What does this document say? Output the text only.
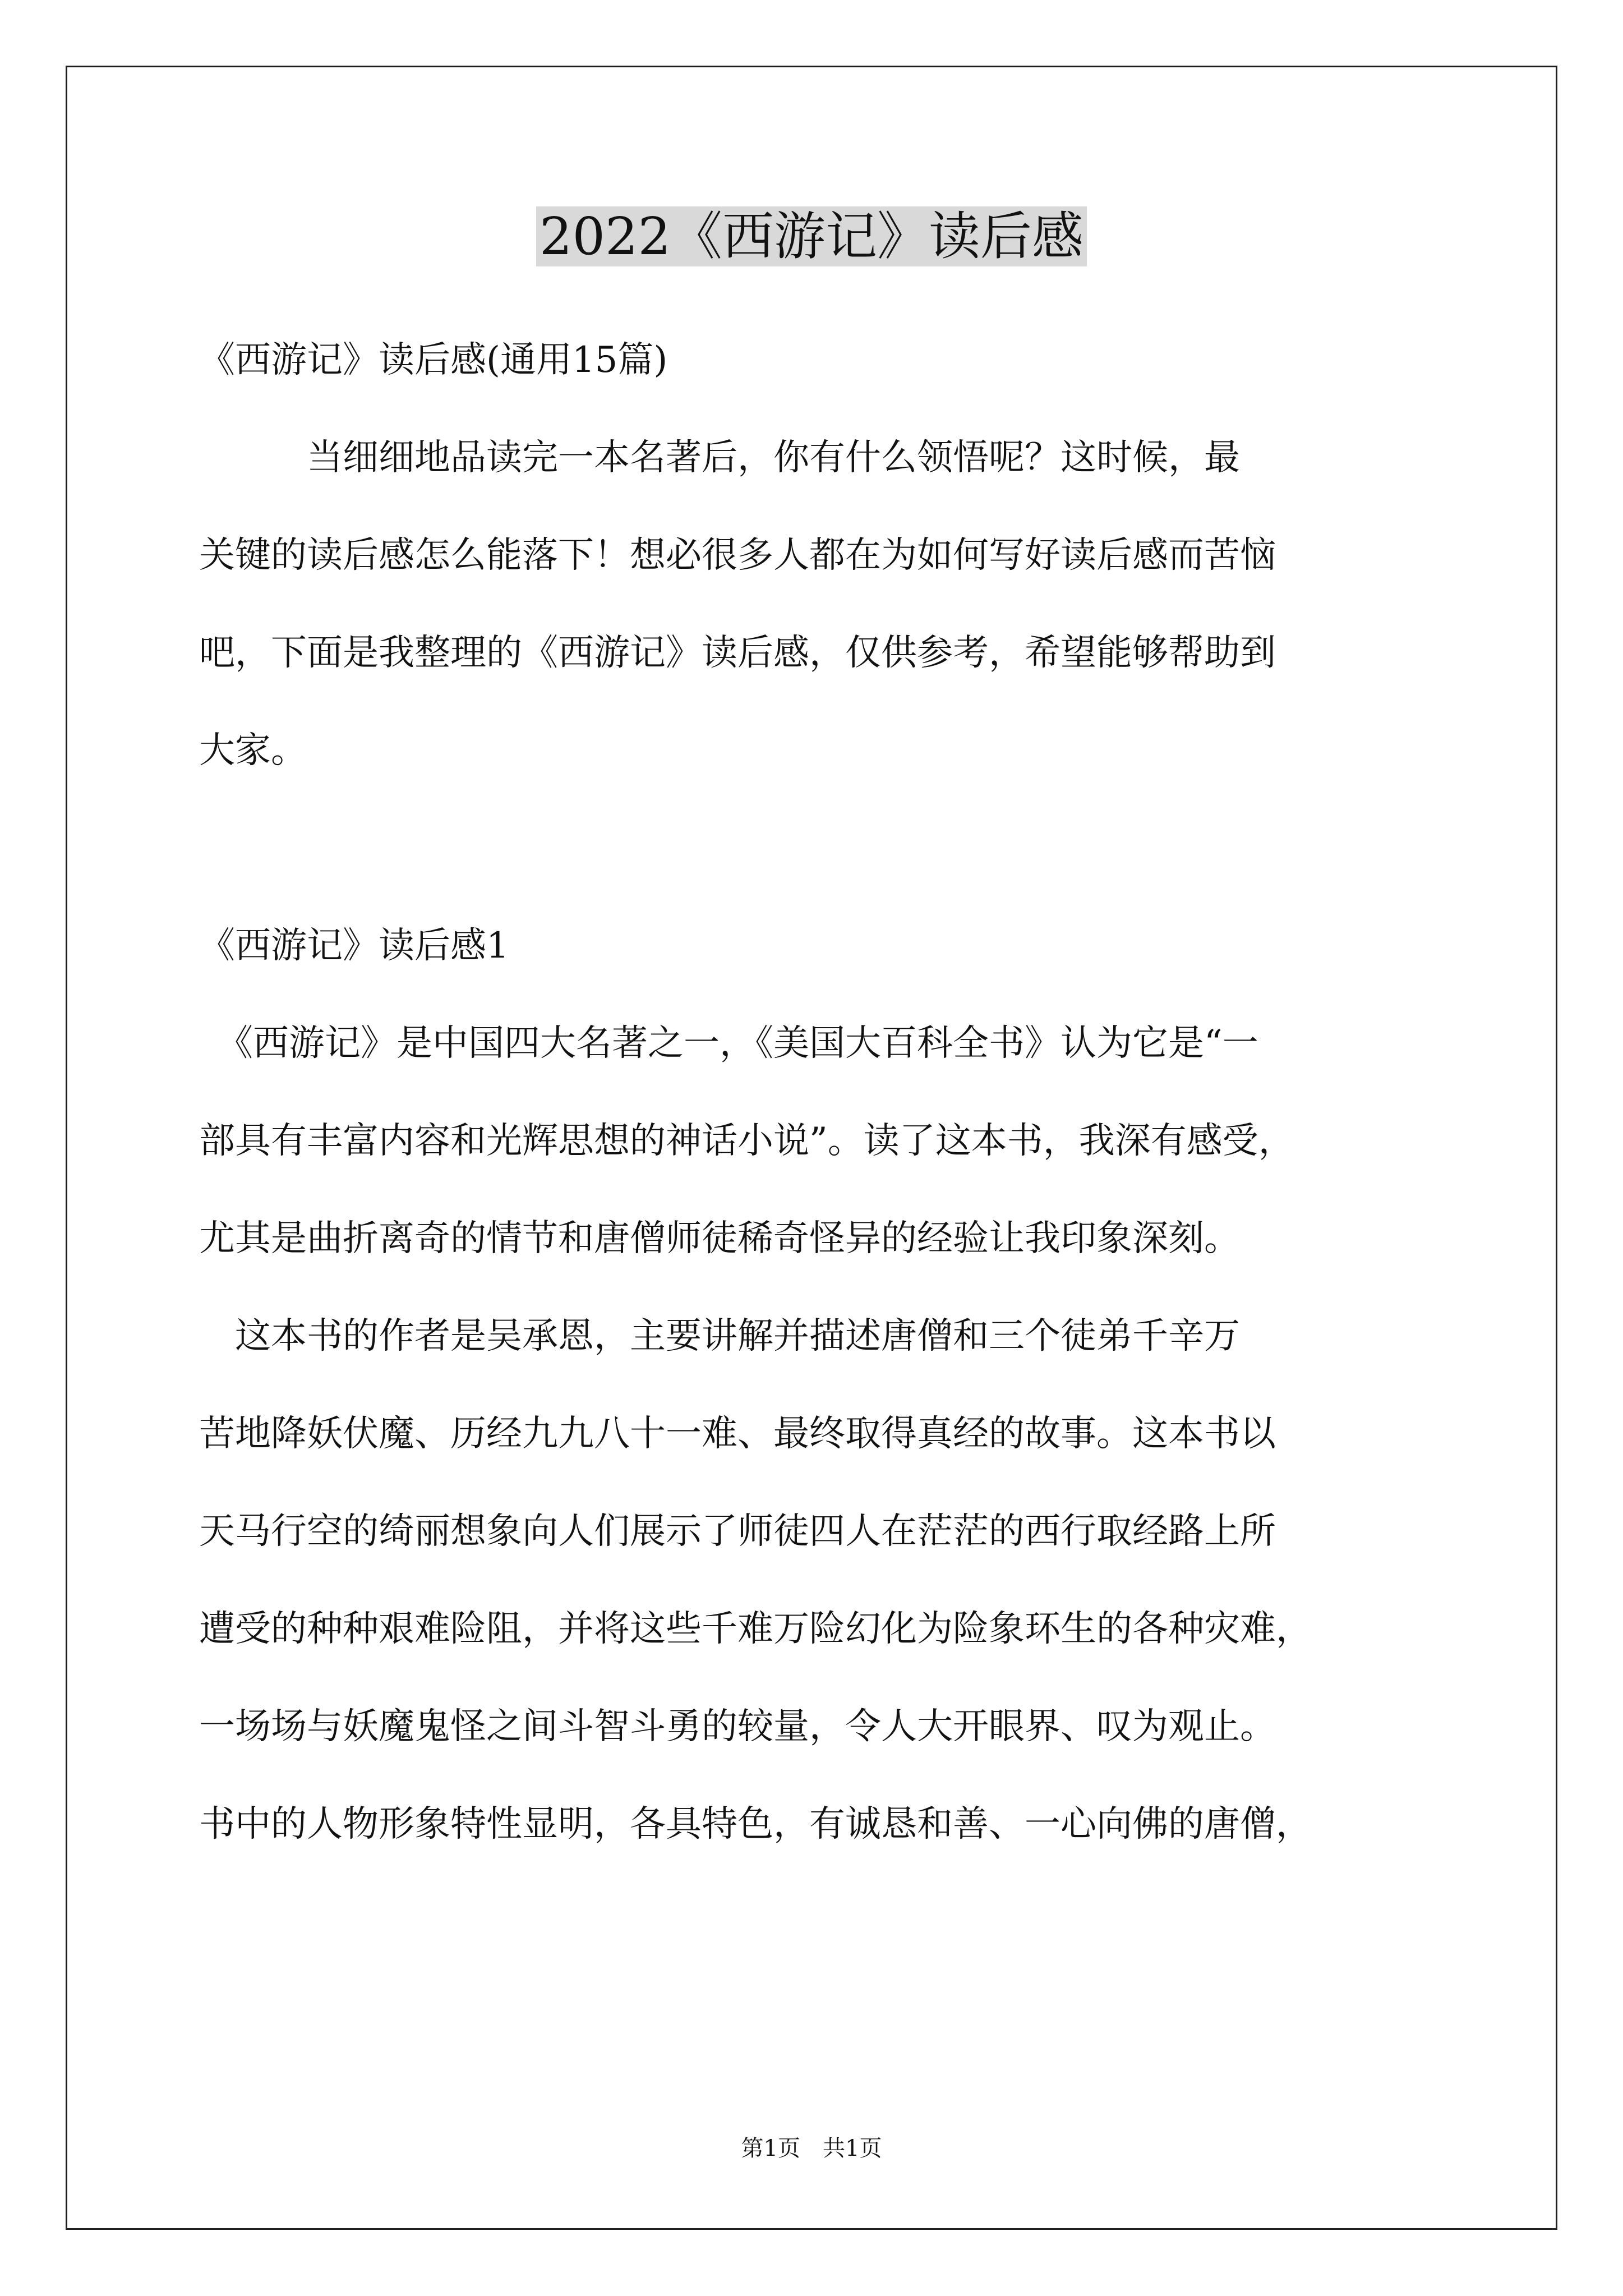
2022《西游记》读后感
《西游记》读后感(通用15篇)
　　　当细细地品读完一本名著后，你有什么领悟呢？这时候，最
关键的读后感怎么能落下！想必很多人都在为如何写好读后感而苦恼
吧，下面是我整理的《西游记》读后感，仅供参考，希望能够帮助到
大家。
《西游记》读后感1
　《西游记》是中国四大名著之一，《美国大百科全书》认为它是“一
部具有丰富内容和光辉思想的神话小说”。读了这本书，我深有感受，
尤其是曲折离奇的情节和唐僧师徒稀奇怪异的经验让我印象深刻。
　这本书的作者是吴承恩，主要讲解并描述唐僧和三个徒弟千辛万
苦地降妖伏魔、历经九九八十一难、最终取得真经的故事。这本书以
天马行空的绮丽想象向人们展示了师徒四人在茫茫的西行取经路上所
遭受的种种艰难险阻，并将这些千难万险幻化为险象环生的各种灾难，
一场场与妖魔鬼怪之间斗智斗勇的较量，令人大开眼界、叹为观止。
书中的人物形象特性显明，各具特色，有诚恳和善、一心向佛的唐僧，
第1页　共1页
